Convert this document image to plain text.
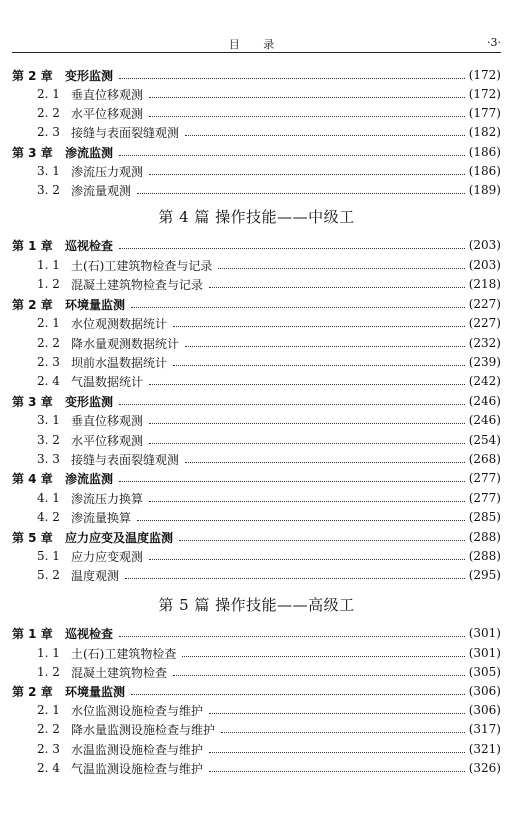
目 录	·3·
第 2 章	变形监测	(172)
2. 1 垂直位移观测	(172)
2. 2 水平位移观测	(177)
2. 3 接缝与表面裂缝观测	(182)
第 3 章	渗流监测	(186)
3. 1 渗流压力观测	(186)
3. 2 渗流量观测	(189)
第 4 篇 操作技能——中级工
第 1 章	巡视检查	(203)
1. 1 土(石)工建筑物检查与记录	(203)
1. 2 混凝土建筑物检查与记录	(218)
第 2 章	环境量监测	(227)
2. 1 水位观测数据统计	(227)
2. 2 降水量观测数据统计	(232)
2. 3 坝前水温数据统计	(239)
2. 4 气温数据统计	(242)
第 3 章	变形监测	(246)
3. 1 垂直位移观测	(246)
3. 2 水平位移观测	(254)
3. 3 接缝与表面裂缝观测	(268)
第 4 章	渗流监测	(277)
4. 1 渗流压力换算	(277)
4. 2 渗流量换算	(285)
第 5 章	应力应变及温度监测	(288)
5. 1 应力应变观测	(288)
5. 2 温度观测	(295)
第 5 篇 操作技能——高级工
第 1 章	巡视检查	(301)
1. 1 土(石)工建筑物检查	(301)
1. 2 混凝土建筑物检查	(305)
第 2 章	环境量监测	(306)
2. 1 水位监测设施检查与维护	(306)
2. 2 降水量监测设施检查与维护	(317)
2. 3 水温监测设施检查与维护	(321)
2. 4 气温监测设施检查与维护	(326)
